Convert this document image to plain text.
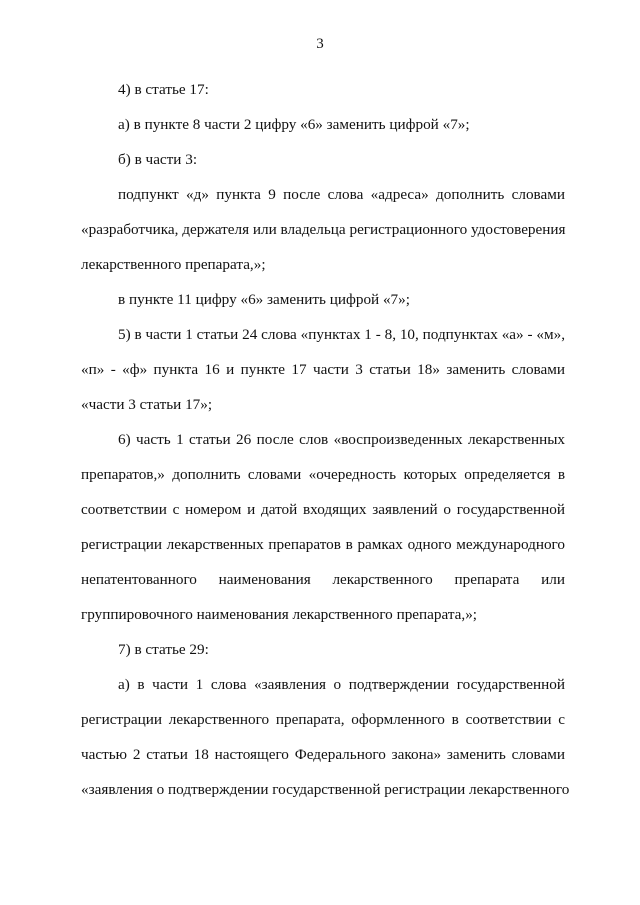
3
4) в статье 17:
а) в пункте 8 части 2 цифру «6» заменить цифрой «7»;
б) в части 3:
подпункт «д» пункта 9 после слова «адреса» дополнить словами
«разработчика, держателя или владельца регистрационного удостоверения
лекарственного препарата,»;
в пункте 11 цифру «6» заменить цифрой «7»;
5) в части 1 статьи 24 слова «пунктах 1 - 8, 10, подпунктах «а» - «м»,
«п» - «ф» пункта 16 и пункте 17 части 3 статьи 18» заменить словами
«части 3 статьи 17»;
6) часть 1 статьи 26 после слов «воспроизведенных лекарственных
препаратов,» дополнить словами «очередность которых определяется в
соответствии с номером и датой входящих заявлений о государственной
регистрации лекарственных препаратов в рамках одного международного
непатентованного наименования лекарственного препарата или
группировочного наименования лекарственного препарата,»;
7) в статье 29:
а) в части 1 слова «заявления о подтверждении государственной
регистрации лекарственного препарата, оформленного в соответствии с
частью 2 статьи 18 настоящего Федерального закона» заменить словами
«заявления о подтверждении государственной регистрации лекарственного
